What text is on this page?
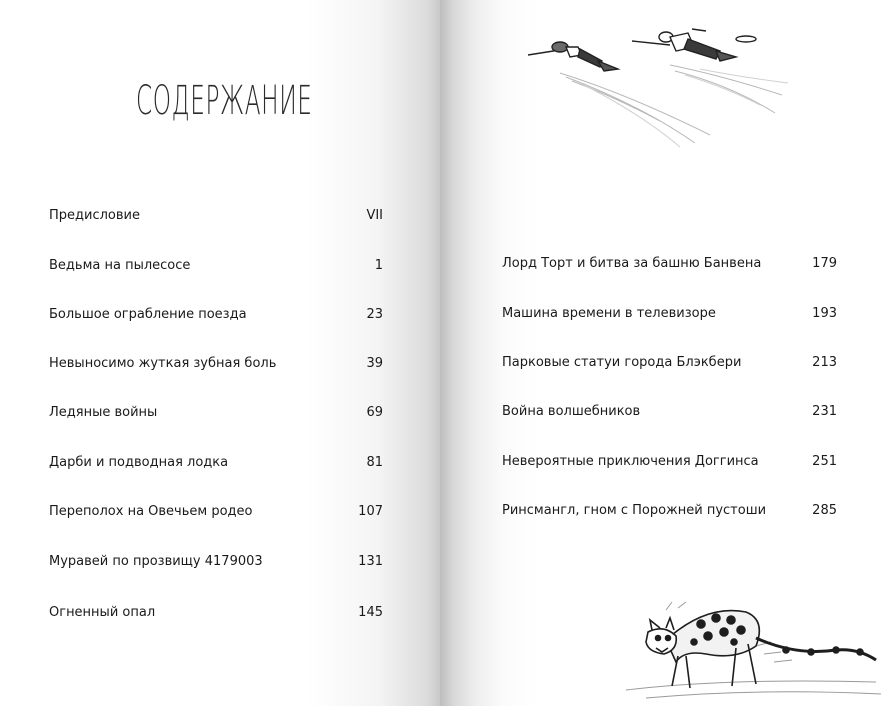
СОДЕРЖАНИЕ
Предисловие	VII
Ведьма на пылесосе	1
Большое ограбление поезда	23
Невыносимо жуткая зубная боль	39
Ледяные войны	69
Дарби и подводная лодка	81
Переполох на Овечьем родео	107
Муравей по прозвищу 4179003	131
Огненный опал	145
Лорд Торт и битва за башню Банвена	179
Машина времени в телевизоре	193
Парковые статуи города Блэкбери	213
Война волшебников	231
Невероятные приключения Доггинса	251
Ринсмангл, гном с Порожней пустоши	285
